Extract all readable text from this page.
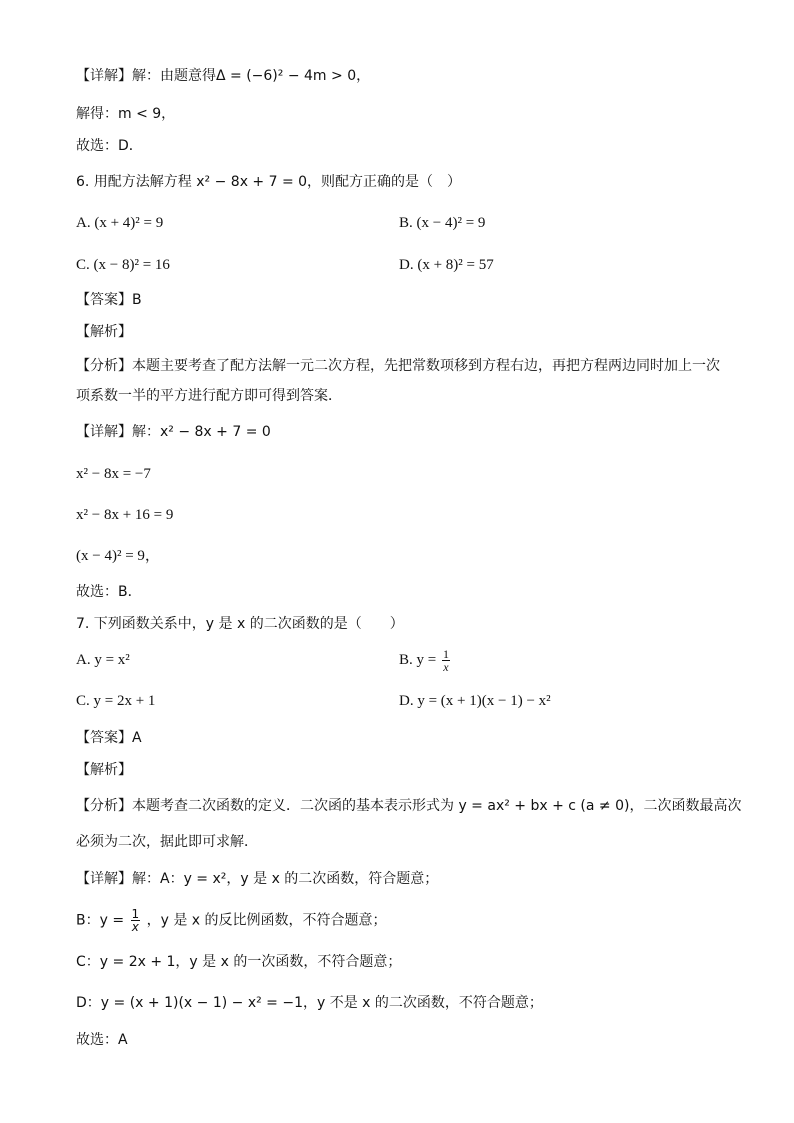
【详解】解：由题意得Δ = (−6)² − 4m > 0，
解得：m < 9，
故选：D．
6. 用配方法解方程 x² − 8x + 7 = 0，则配方正确的是（　）
A. (x + 4)² = 9	B. (x − 4)² = 9
C. (x − 8)² = 16	D. (x + 8)² = 57
【答案】B
【解析】
【分析】本题主要考查了配方法解一元二次方程，先把常数项移到方程右边，再把方程两边同时加上一次
项系数一半的平方进行配方即可得到答案．
【详解】解：x² − 8x + 7 = 0
x² − 8x = −7
x² − 8x + 16 = 9
(x − 4)² = 9，
故选：B．
7. 下列函数关系中，y 是 x 的二次函数的是（　　）
A. y = x²	B. $y = \frac{1}{x}$
C. y = 2x + 1	D. y = (x + 1)(x − 1) − x²
【答案】A
【解析】
【分析】本题考查二次函数的定义．二次函的基本表示形式为 y = ax² + bx + c (a ≠ 0)，二次函数最高次
必须为二次，据此即可求解．
【详解】解：A：y = x²，y 是 x 的二次函数，符合题意；
B：$y = \frac{1}{x}$ ，y 是 x 的反比例函数，不符合题意；
C：y = 2x + 1，y 是 x 的一次函数，不符合题意；
D：y = (x + 1)(x − 1) − x² = −1，y 不是 x 的二次函数，不符合题意；
故选：A
